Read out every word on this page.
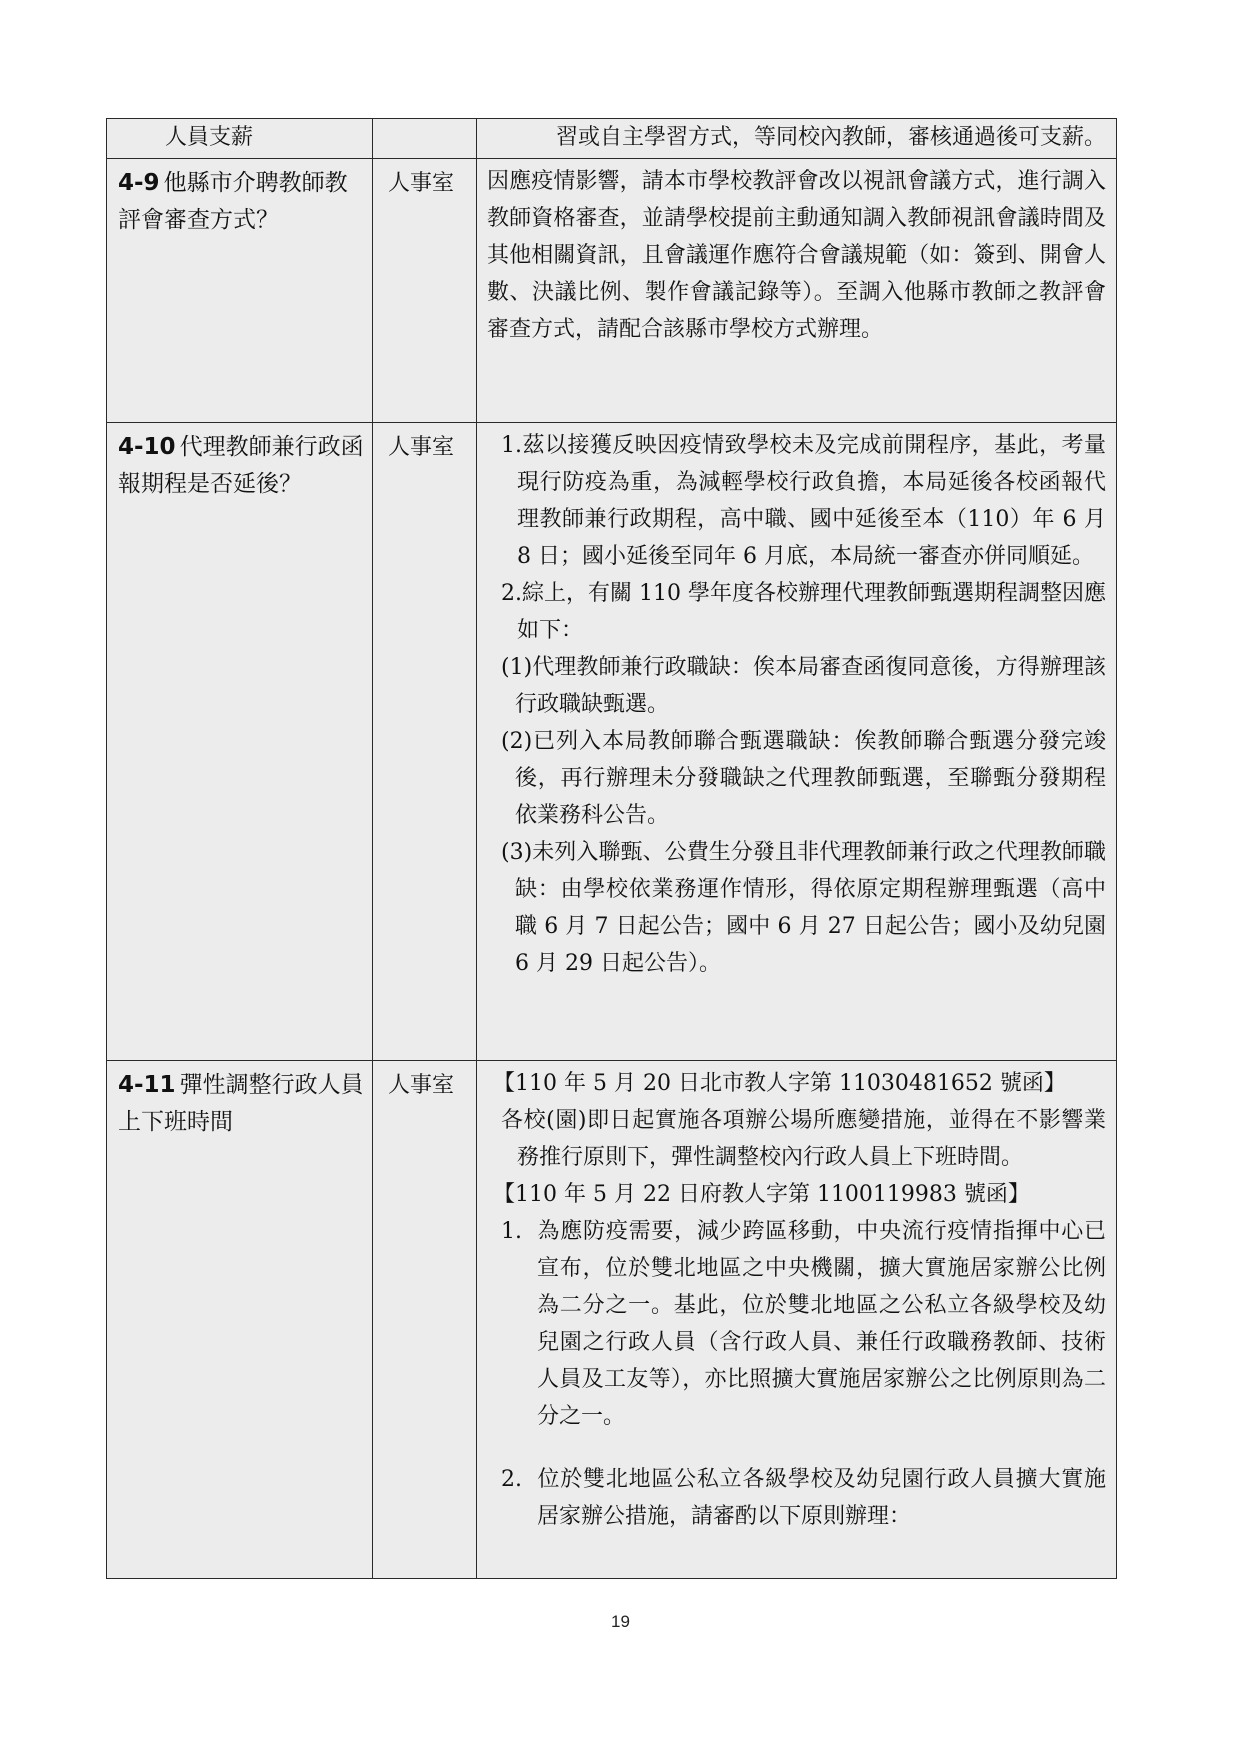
人員支薪		習或自主學習方式，等同校內教師，審核通過後可支薪。

4-9 他縣市介聘教師教評會審查方式？	人事室	因應疫情影響，請本市學校教評會改以視訊會議方式，進行調入教師資格審查，並請學校提前主動通知調入教師視訊會議時間及其他相關資訊，且會議運作應符合會議規範（如：簽到、開會人數、決議比例、製作會議記錄等）。至調入他縣市教師之教評會審查方式，請配合該縣市學校方式辦理。

4-10 代理教師兼行政函報期程是否延後？	人事室	1.茲以接獲反映因疫情致學校未及完成前開程序，基此，考量現行防疫為重，為減輕學校行政負擔，本局延後各校函報代理教師兼行政期程，高中職、國中延後至本（110）年 6 月 8 日；國小延後至同年 6 月底，本局統一審查亦併同順延。

2.綜上，有關 110 學年度各校辦理代理教師甄選期程調整因應如下：

(1)代理教師兼行政職缺：俟本局審查函復同意後，方得辦理該行政職缺甄選。

(2)已列入本局教師聯合甄選職缺：俟教師聯合甄選分發完竣後，再行辦理未分發職缺之代理教師甄選，至聯甄分發期程依業務科公告。

(3)未列入聯甄、公費生分發且非代理教師兼行政之代理教師職缺：由學校依業務運作情形，得依原定期程辦理甄選（高中職 6 月 7 日起公告；國中 6 月 27 日起公告；國小及幼兒園 6 月 29 日起公告）。

4-11 彈性調整行政人員上下班時間	人事室	【110 年 5 月 20 日北市教人字第 11030481652 號函】

各校(園)即日起實施各項辦公場所應變措施，並得在不影響業務推行原則下，彈性調整校內行政人員上下班時間。

【110 年 5 月 22 日府教人字第 1100119983 號函】

1.  為應防疫需要，減少跨區移動，中央流行疫情指揮中心已宣布，位於雙北地區之中央機關，擴大實施居家辦公比例為二分之一。基此，位於雙北地區之公私立各級學校及幼兒園之行政人員（含行政人員、兼任行政職務教師、技術人員及工友等），亦比照擴大實施居家辦公之比例原則為二分之一。

2.  位於雙北地區公私立各級學校及幼兒園行政人員擴大實施居家辦公措施，請審酌以下原則辦理：

19
